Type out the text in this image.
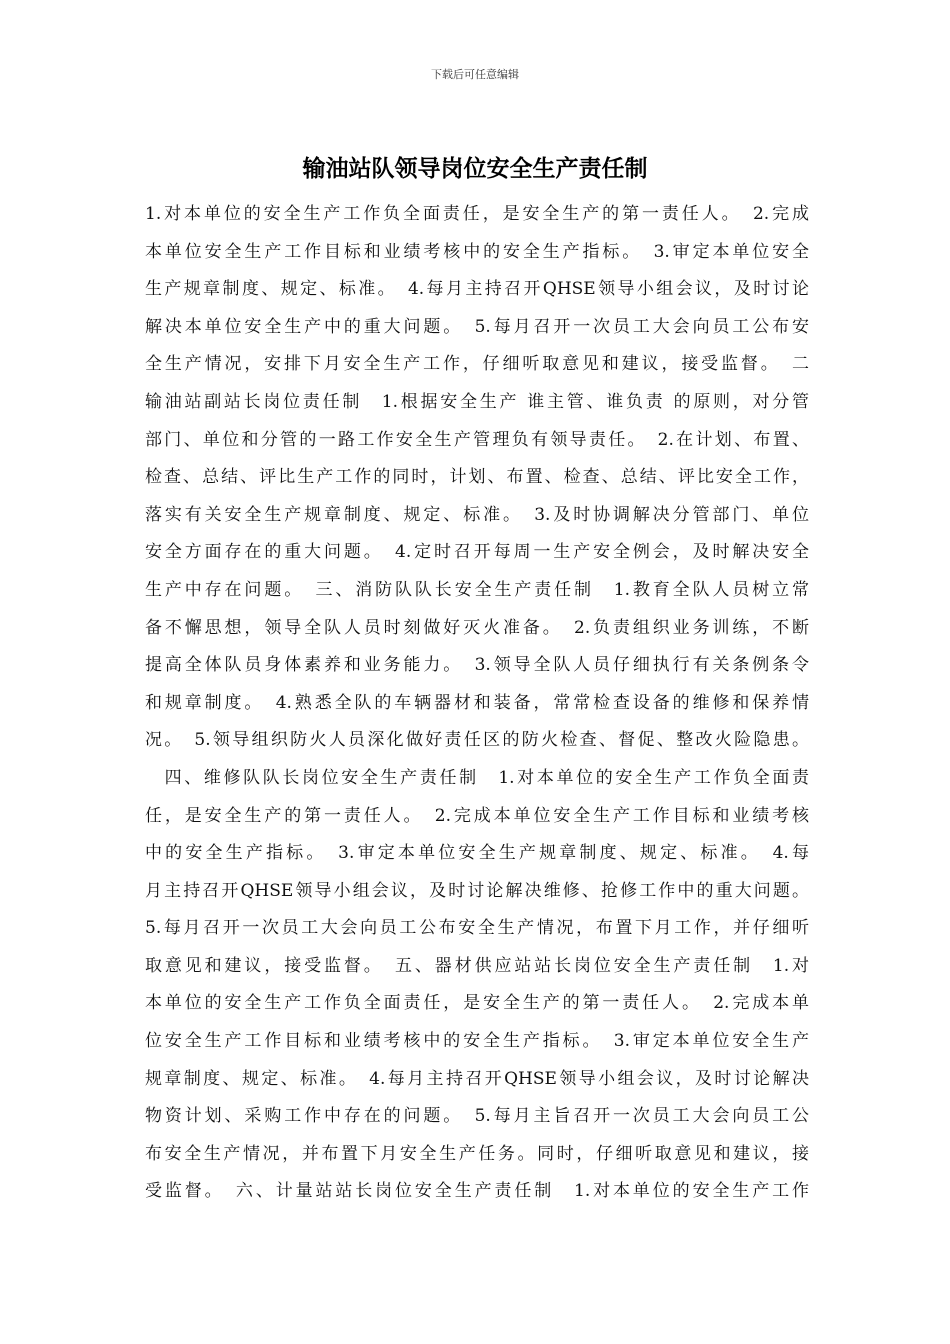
下载后可任意编辑
输油站队领导岗位安全生产责任制
1.对本单位的安全生产工作负全面责任，是安全生产的第一责任人。　2.完成
本单位安全生产工作目标和业绩考核中的安全生产指标。　3.审定本单位安全
生产规章制度、规定、标准。　4.每月主持召开QHSE领导小组会议，及时讨论
解决本单位安全生产中的重大问题。　5.每月召开一次员工大会向员工公布安
全生产情况，安排下月安全生产工作，仔细听取意见和建议，接受监督。　二
输油站副站长岗位责任制　1.根据安全生产 谁主管、谁负责 的原则，对分管
部门、单位和分管的一路工作安全生产管理负有领导责任。　2.在计划、布置、
检查、总结、评比生产工作的同时，计划、布置、检查、总结、评比安全工作，
落实有关安全生产规章制度、规定、标准。　3.及时协调解决分管部门、单位
安全方面存在的重大问题。　4.定时召开每周一生产安全例会，及时解决安全
生产中存在问题。　三、消防队队长安全生产责任制　1.教育全队人员树立常
备不懈思想，领导全队人员时刻做好灭火准备。　2.负责组织业务训练，不断
提高全体队员身体素养和业务能力。　3.领导全队人员仔细执行有关条例条令
和规章制度。　4.熟悉全队的车辆器材和装备，常常检查设备的维修和保养情
况。　5.领导组织防火人员深化做好责任区的防火检查、督促、整改火险隐患。
　四、维修队队长岗位安全生产责任制　1.对本单位的安全生产工作负全面责
任，是安全生产的第一责任人。　2.完成本单位安全生产工作目标和业绩考核
中的安全生产指标。　3.审定本单位安全生产规章制度、规定、标准。　4.每
月主持召开QHSE领导小组会议，及时讨论解决维修、抢修工作中的重大问题。
5.每月召开一次员工大会向员工公布安全生产情况，布置下月工作，并仔细听
取意见和建议，接受监督。　五、器材供应站站长岗位安全生产责任制　1.对
本单位的安全生产工作负全面责任，是安全生产的第一责任人。　2.完成本单
位安全生产工作目标和业绩考核中的安全生产指标。　3.审定本单位安全生产
规章制度、规定、标准。　4.每月主持召开QHSE领导小组会议，及时讨论解决
物资计划、采购工作中存在的问题。　5.每月主旨召开一次员工大会向员工公
布安全生产情况，并布置下月安全生产任务。同时，仔细听取意见和建议，接
受监督。　六、计量站站长岗位安全生产责任制　1.对本单位的安全生产工作
